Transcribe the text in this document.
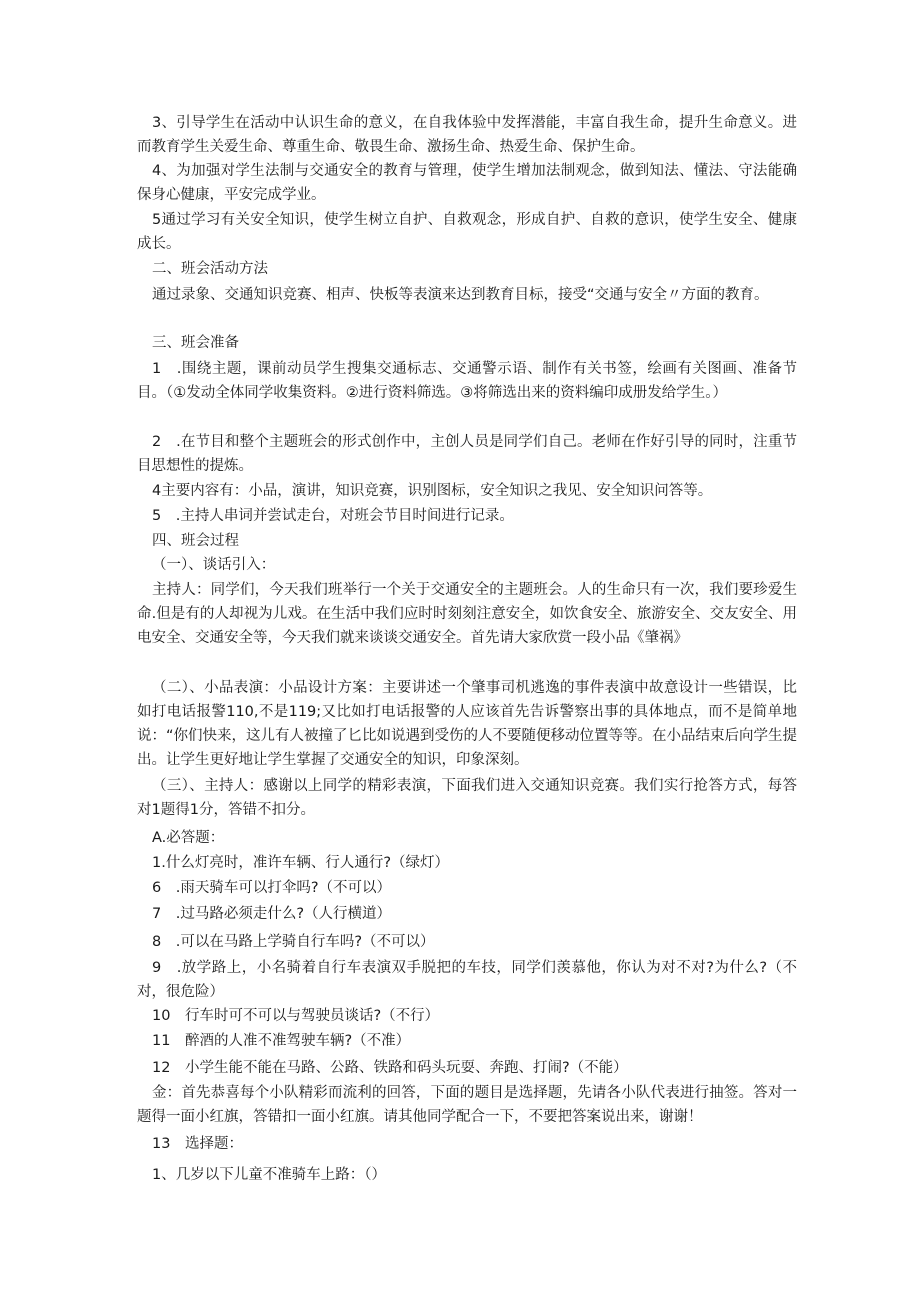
3、引导学生在活动中认识生命的意义，在自我体验中发挥潜能，丰富自我生命，提升生命意义。进而教育学生关爱生命、尊重生命、敬畏生命、激扬生命、热爱生命、保护生命。

4、为加强对学生法制与交通安全的教育与管理，使学生增加法制观念，做到知法、懂法、守法能确保身心健康，平安完成学业。

5通过学习有关安全知识，使学生树立自护、自救观念，形成自护、自救的意识，使学生安全、健康成长。

二、班会活动方法

通过录象、交通知识竞赛、相声、快板等表演来达到教育目标，接受“交通与安全〃方面的教育。

三、班会准备

1　.围绕主题，课前动员学生搜集交通标志、交通警示语、制作有关书签，绘画有关图画、准备节目。（①发动全体同学收集资料。②进行资料筛选。③将筛选出来的资料编印成册发给学生。）

2　.在节目和整个主题班会的形式创作中，主创人员是同学们自己。老师在作好引导的同时，注重节目思想性的提炼。

4主要内容有：小品，演讲，知识竞赛，识别图标，安全知识之我见、安全知识问答等。

5　.主持人串词并尝试走台，对班会节目时间进行记录。

四、班会过程

（一）、谈话引入：

主持人：同学们，今天我们班举行一个关于交通安全的主题班会。人的生命只有一次，我们要珍爱生命.但是有的人却视为儿戏。在生活中我们应时时刻刻注意安全，如饮食安全、旅游安全、交友安全、用电安全、交通安全等，今天我们就来谈谈交通安全。首先请大家欣赏一段小品《肇祸》

（二）、小品表演：小品设计方案：主要讲述一个肇事司机逃逸的事件表演中故意设计一些错误，比如打电话报警110,不是119;又比如打电话报警的人应该首先告诉警察出事的具体地点，而不是简单地说：“你们快来，这儿有人被撞了匕比如说遇到受伤的人不要随便移动位置等等。在小品结束后向学生提出。让学生更好地让学生掌握了交通安全的知识，印象深刻。

（三）、主持人：感谢以上同学的精彩表演，下面我们进入交通知识竞赛。我们实行抢答方式，每答对1题得1分，答错不扣分。

A.必答题：

1.什么灯亮时，准许车辆、行人通行?（绿灯）

6　.雨天骑车可以打伞吗?（不可以）

7　.过马路必须走什么?（人行横道）

8　.可以在马路上学骑自行车吗?（不可以）

9　.放学路上，小名骑着自行车表演双手脱把的车技，同学们羡慕他，你认为对不对?为什么?（不对，很危险）

10　行车时可不可以与驾驶员谈话?（不行）

11　醉酒的人准不准驾驶车辆?（不准）

12　小学生能不能在马路、公路、铁路和码头玩耍、奔跑、打闹?（不能）

金：首先恭喜每个小队精彩而流利的回答，下面的题目是选择题，先请各小队代表进行抽签。答对一题得一面小红旗，答错扣一面小红旗。请其他同学配合一下，不要把答案说出来，谢谢！

13　选择题：

1、几岁以下儿童不准骑车上路：（）
